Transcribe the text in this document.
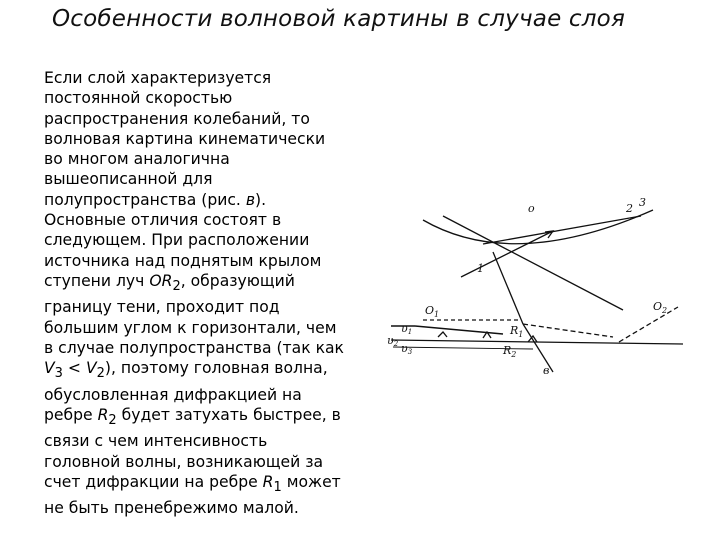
Особенности волновой картины в случае слоя
Если слой характеризуется
постоянной скоростью
распространения колебаний, то
волновая картина кинематически
во многом аналогична
вышеописанной для
полупространства (рис. в).
Основные отличия состоят в
следующем. При расположении
источника над поднятым крылом
ступени луч $OR_2$, образующий
границу тени, проходит под
большим углом к горизонтали, чем
в случае полупространства (так как
$V_3 < V_2$), поэтому головная волна,
обусловленная дифракцией на
ребре $R_2$ будет затухать быстрее, в
связи с чем интенсивность
головной волны, возникающей за
счет дифракции на ребре $R_1$ может
не быть пренебрежимо малой.
o	2 3
1
$O_1$
$O_2$
$R_1$
$R_2$
в
υ1
υ2 υ3
